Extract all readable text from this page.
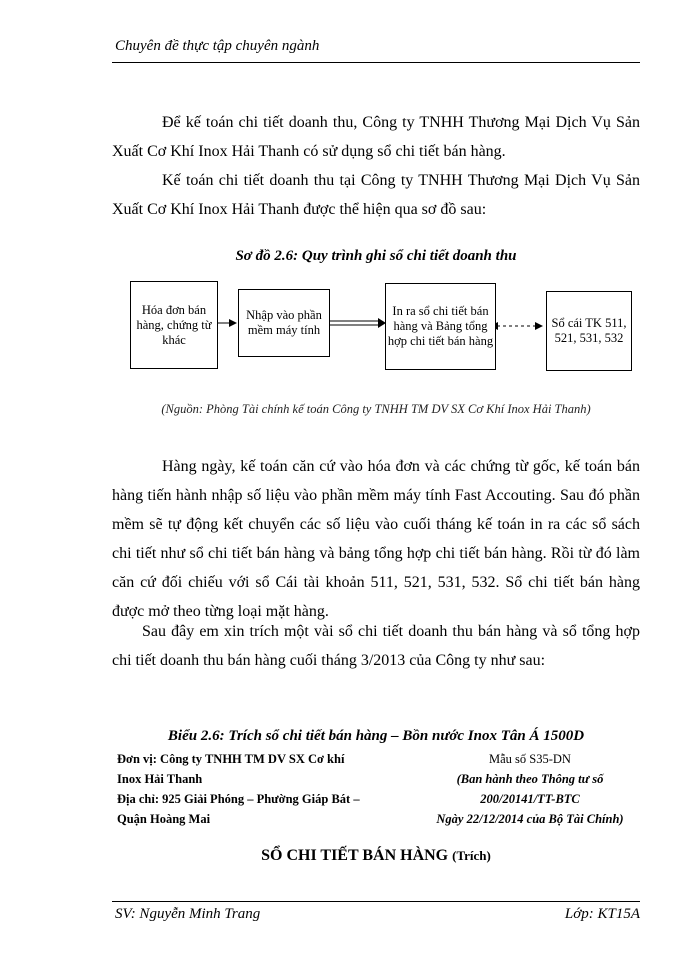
Chuyên đề thực tập chuyên ngành
Để kế toán chi tiết doanh thu, Công ty TNHH Thương Mại Dịch Vụ Sản Xuất Cơ Khí Inox Hải Thanh có sử dụng sổ chi tiết bán hàng.
Kế toán chi tiết doanh thu tại Công ty TNHH Thương Mại Dịch Vụ Sản Xuất Cơ Khí Inox Hải Thanh được thể hiện qua sơ đồ sau:
Sơ đồ 2.6: Quy trình ghi sổ chi tiết doanh thu
Hóa đơn bán hàng, chứng từ khác
Nhập vào phần mềm máy tính
In ra sổ chi tiết bán hàng và Bảng tổng hợp chi tiết bán hàng
Sổ cái TK 511, 521, 531, 532
(Nguồn: Phòng Tài chính kế toán Công ty TNHH TM DV SX Cơ Khí Inox Hải Thanh)
Hàng ngày, kế toán căn cứ vào hóa đơn và các chứng từ gốc, kế toán bán hàng tiến hành nhập số liệu vào phần mềm máy tính Fast Accouting. Sau đó phần mềm sẽ tự động kết chuyển các số liệu vào cuối tháng kế toán in ra các sổ sách chi tiết như sổ chi tiết bán hàng và bảng tổng hợp chi tiết bán hàng. Rồi từ đó làm căn cứ đối chiếu với sổ Cái tài khoản 511, 521, 531, 532. Sổ chi tiết bán hàng được mở theo từng loại mặt hàng.
Sau đây em xin trích một vài sổ chi tiết doanh thu bán hàng và sổ tổng hợp chi tiết doanh thu bán hàng cuối tháng 3/2013 của Công ty như sau:
Biểu 2.6: Trích sổ chi tiết bán hàng – Bồn nước Inox Tân Á 1500D
Đơn vị: Công ty TNHH TM DV SX Cơ khí
Inox Hải Thanh
Địa chỉ: 925 Giải Phóng – Phường Giáp Bát –
Quận Hoàng Mai
Mẫu số S35-DN
(Ban hành theo Thông tư số
200/20141/TT-BTC
Ngày 22/12/2014 của Bộ Tài Chính)
SỔ CHI TIẾT BÁN HÀNG (Trích)
SV: Nguyễn Minh Trang	Lớp: KT15A
